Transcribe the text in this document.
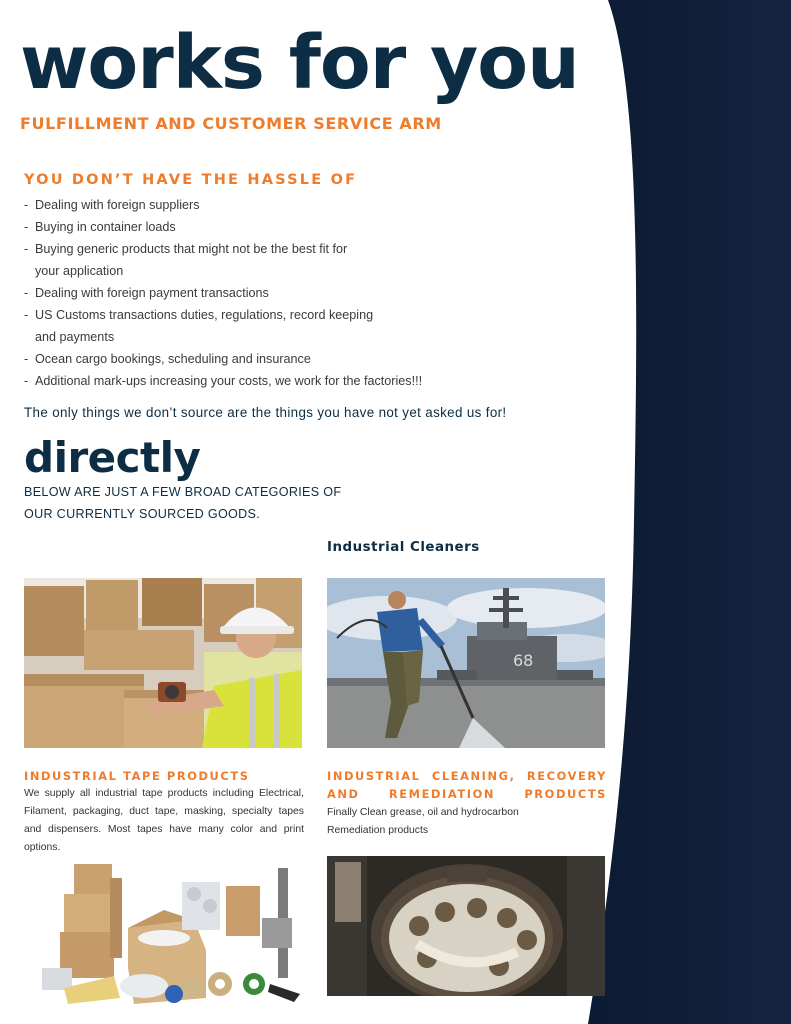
works for you
FULFILLMENT AND CUSTOMER SERVICE ARM
YOU DON’T HAVE THE HASSLE OF
- Dealing with foreign suppliers
- Buying in container loads
- Buying generic products that might not be the best fit for your application
- Dealing with foreign payment transactions
- US Customs transactions duties, regulations, record keeping and payments
- Ocean cargo bookings, scheduling and insurance
- Additional mark-ups increasing your costs, we work for the factories!!!

The only things we don’t source are the things you have not yet asked us for!

directly

BELOW ARE JUST A FEW BROAD CATEGORIES OF OUR CURRENTLY SOURCED GOODS.

Industrial Cleaners
68
INDUSTRIAL TAPE PRODUCTS

We supply all industrial tape products including Electrical, Filament, packaging, duct tape, masking, specialty tapes and dispensers. Most tapes have many color and print options.

INDUSTRIAL CLEANING, RECOVERY AND REMEDIATION PRODUCTS

Finally Clean grease, oil and hydrocarbon Remediation products
